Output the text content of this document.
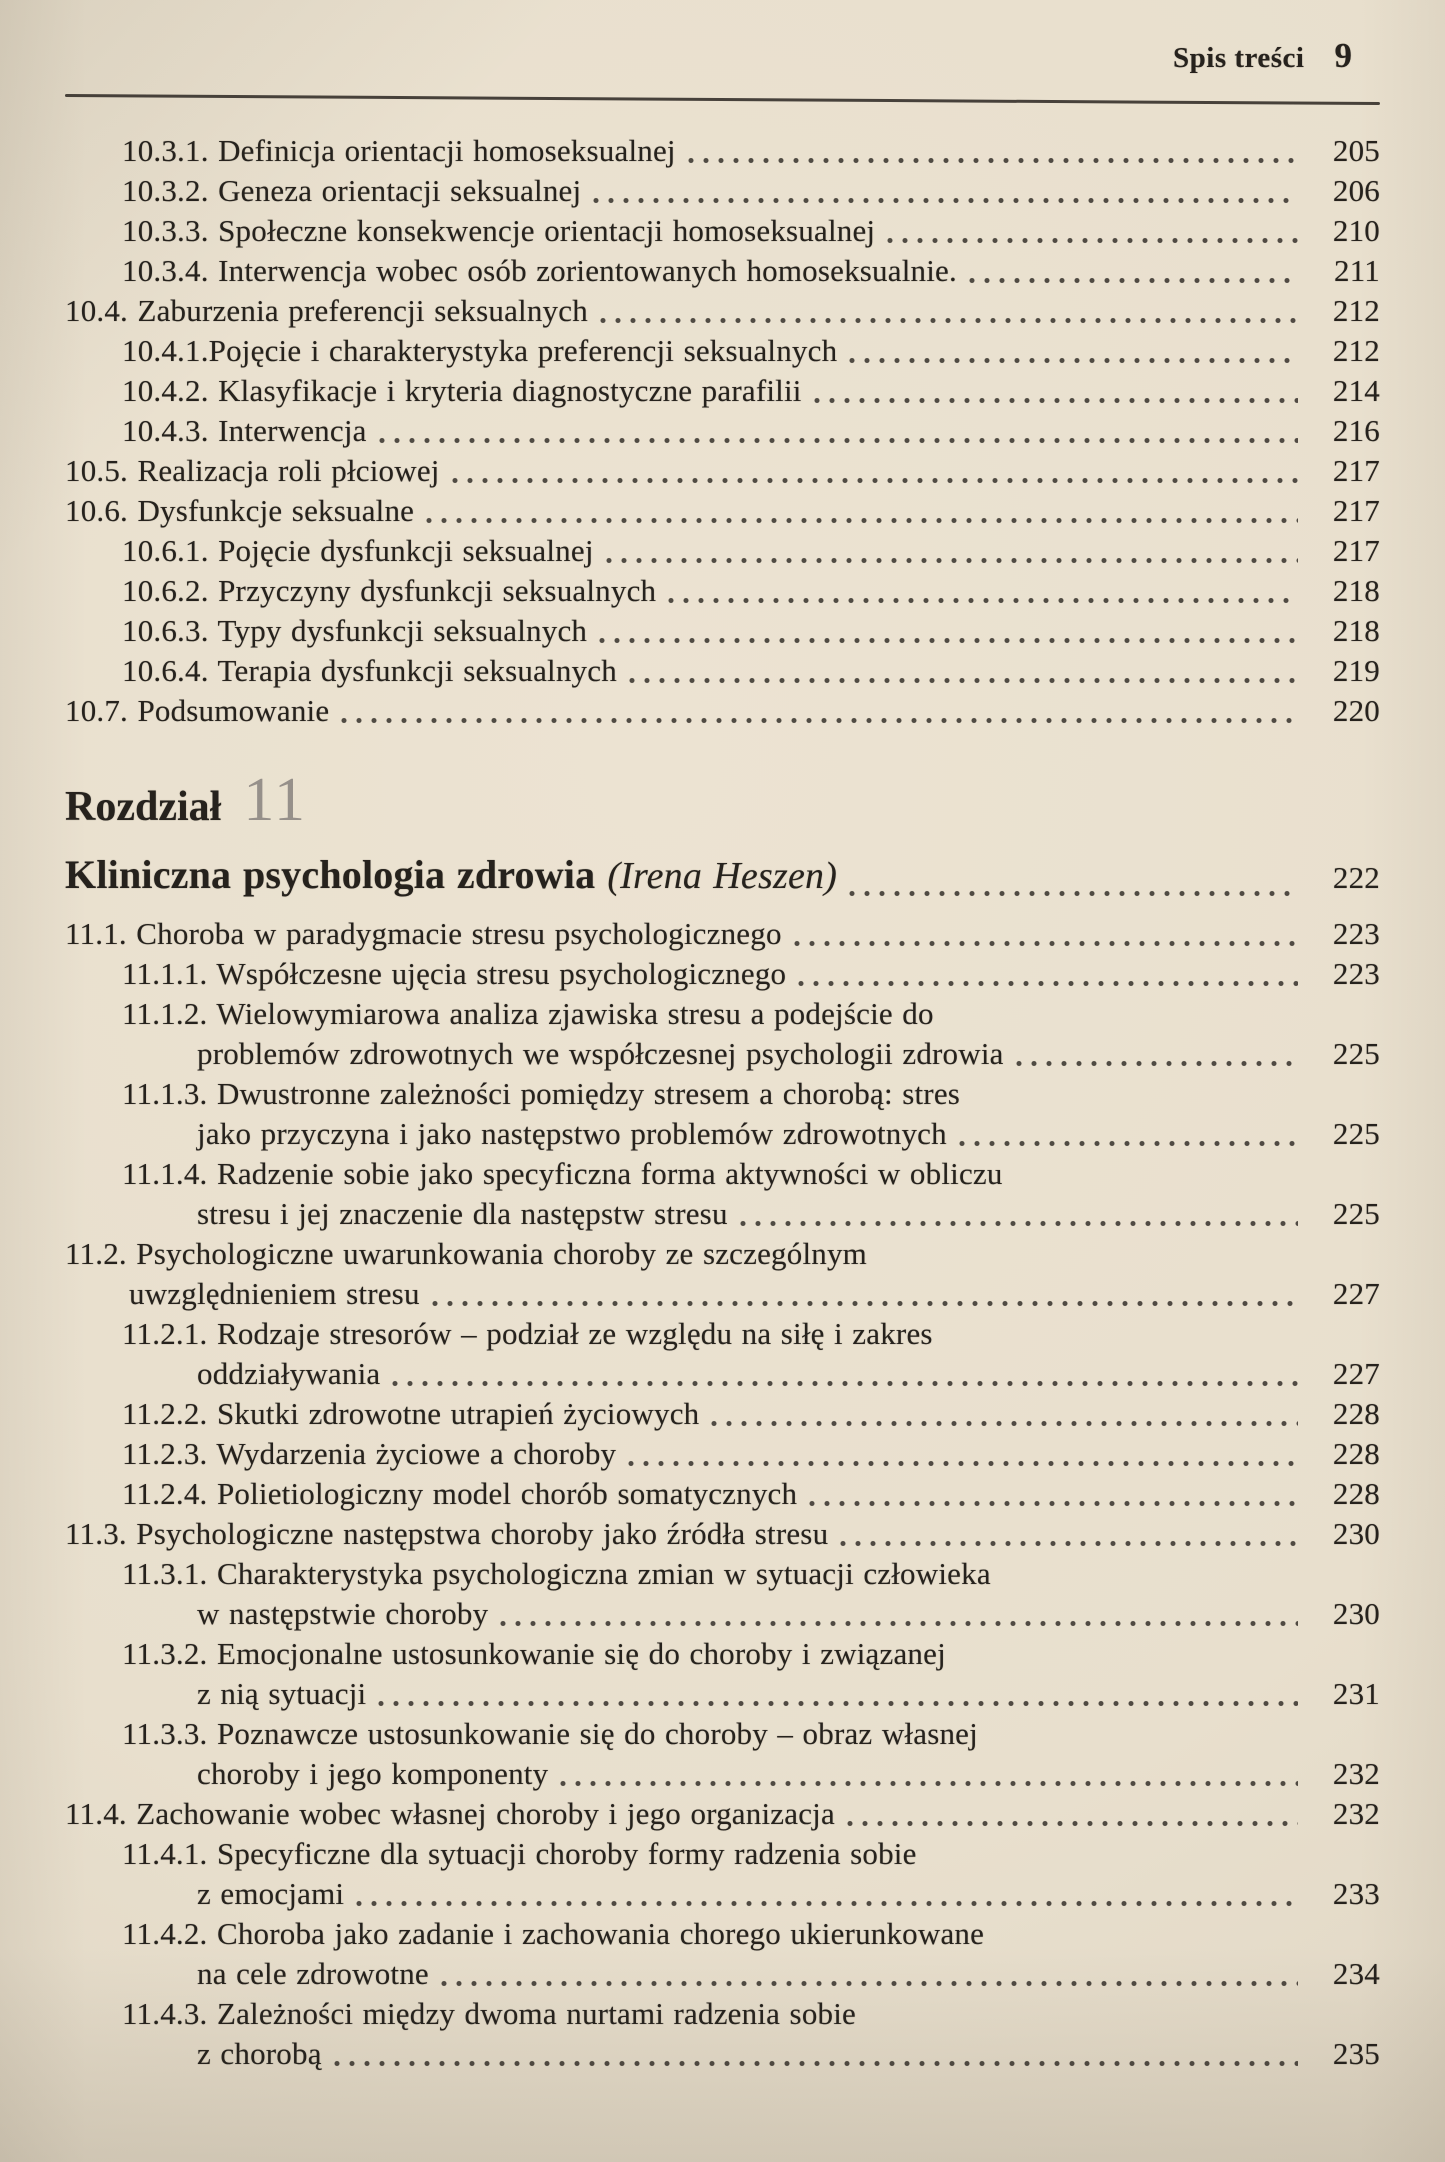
Spis treści 9
10.3.1. Definicja orientacji homoseksualnej	205
10.3.2. Geneza orientacji seksualnej	206
10.3.3. Społeczne konsekwencje orientacji homoseksualnej	210
10.3.4. Interwencja wobec osób zorientowanych homoseksualnie.	211
10.4. Zaburzenia preferencji seksualnych	212
10.4.1.Pojęcie i charakterystyka preferencji seksualnych	212
10.4.2. Klasyfikacje i kryteria diagnostyczne parafilii	214
10.4.3. Interwencja	216
10.5. Realizacja roli płciowej	217
10.6. Dysfunkcje seksualne	217
10.6.1. Pojęcie dysfunkcji seksualnej	217
10.6.2. Przyczyny dysfunkcji seksualnych	218
10.6.3. Typy dysfunkcji seksualnych	218
10.6.4. Terapia dysfunkcji seksualnych	219
10.7. Podsumowanie	220
Rozdział 11
Kliniczna psychologia zdrowia (Irena Heszen)	222
11.1. Choroba w paradygmacie stresu psychologicznego	223
11.1.1. Współczesne ujęcia stresu psychologicznego	223
11.1.2. Wielowymiarowa analiza zjawiska stresu a podejście do
problemów zdrowotnych we współczesnej psychologii zdrowia	225
11.1.3. Dwustronne zależności pomiędzy stresem a chorobą: stres
jako przyczyna i jako następstwo problemów zdrowotnych	225
11.1.4. Radzenie sobie jako specyficzna forma aktywności w obliczu
stresu i jej znaczenie dla następstw stresu	225
11.2. Psychologiczne uwarunkowania choroby ze szczególnym
uwzględnieniem stresu	227
11.2.1. Rodzaje stresorów – podział ze względu na siłę i zakres
oddziaływania	227
11.2.2. Skutki zdrowotne utrapień życiowych	228
11.2.3. Wydarzenia życiowe a choroby	228
11.2.4. Polietiologiczny model chorób somatycznych	228
11.3. Psychologiczne następstwa choroby jako źródła stresu	230
11.3.1. Charakterystyka psychologiczna zmian w sytuacji człowieka
w następstwie choroby	230
11.3.2. Emocjonalne ustosunkowanie się do choroby i związanej
z nią sytuacji	231
11.3.3. Poznawcze ustosunkowanie się do choroby – obraz własnej
choroby i jego komponenty	232
11.4. Zachowanie wobec własnej choroby i jego organizacja	232
11.4.1. Specyficzne dla sytuacji choroby formy radzenia sobie
z emocjami	233
11.4.2. Choroba jako zadanie i zachowania chorego ukierunkowane
na cele zdrowotne	234
11.4.3. Zależności między dwoma nurtami radzenia sobie
z chorobą	235
